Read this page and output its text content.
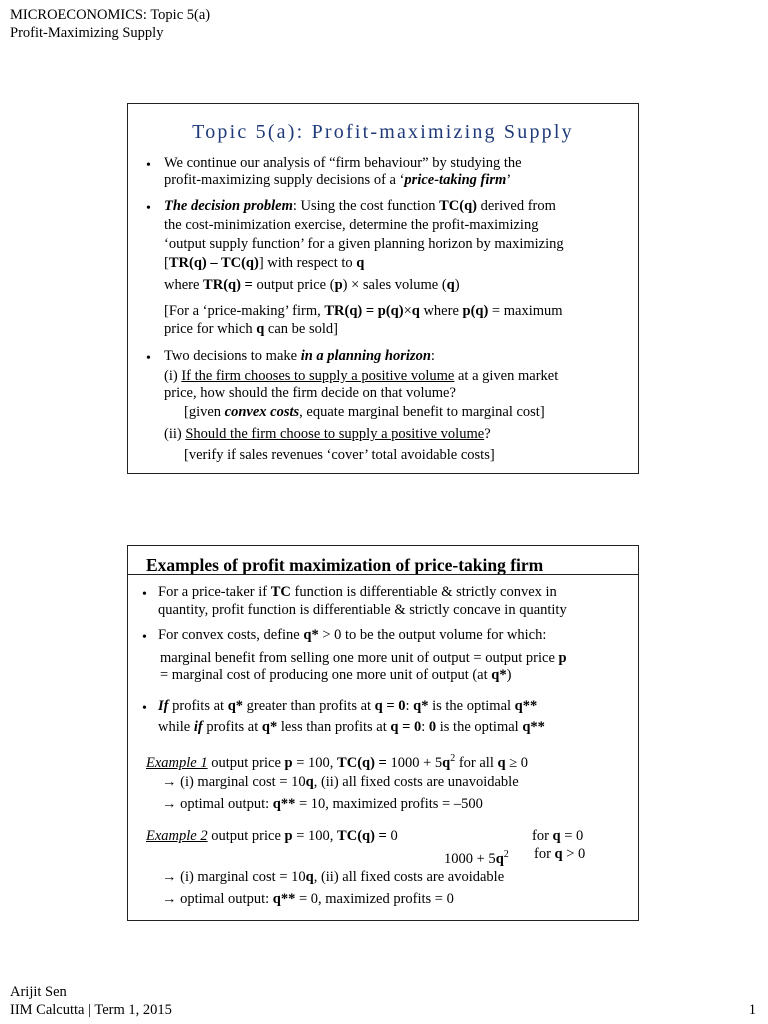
MICROECONOMICS: Topic 5(a)
Profit-Maximizing Supply
Topic 5(a): Profit-maximizing Supply
• We continue our analysis of “firm behaviour” by studying the
profit-maximizing supply decisions of a ‘price-taking firm’
• The decision problem: Using the cost function TC(q) derived from
the cost-minimization exercise, determine the profit-maximizing
‘output supply function’ for a given planning horizon by maximizing
[TR(q) – TC(q)] with respect to q
where TR(q) = output price (p) × sales volume (q)
[For a ‘price-making’ firm, TR(q) = p(q)×q where p(q) = maximum
price for which q can be sold]
• Two decisions to make in a planning horizon:
(i) If the firm chooses to supply a positive volume at a given market
price, how should the firm decide on that volume?
[given convex costs, equate marginal benefit to marginal cost]
(ii) Should the firm choose to supply a positive volume?
[verify if sales revenues ‘cover’ total avoidable costs]
Examples of profit maximization of price-taking firm
• For a price-taker if TC function is differentiable & strictly convex in
quantity, profit function is differentiable & strictly concave in quantity
• For convex costs, define q* > 0 to be the output volume for which:
marginal benefit from selling one more unit of output = output price p
= marginal cost of producing one more unit of output (at q*)
• If profits at q* greater than profits at q = 0: q* is the optimal q**
while if profits at q* less than profits at q = 0: 0 is the optimal q**
Example 1 output price p = 100, $TC(q) = 1000 + 5q^2$ for all q ≥ 0
→ (i) marginal cost = 10q, (ii) all fixed costs are unavoidable
→ optimal output: q** = 10, maximized profits = –500
Example 2 output price p = 100, TC(q) = 0	for q = 0
$1000 + 5q^2$ for q > 0
→ (i) marginal cost = 10q, (ii) all fixed costs are avoidable
→ optimal output: q** = 0, maximized profits = 0
Arijit Sen
IIM Calcutta | Term 1, 2015	1
